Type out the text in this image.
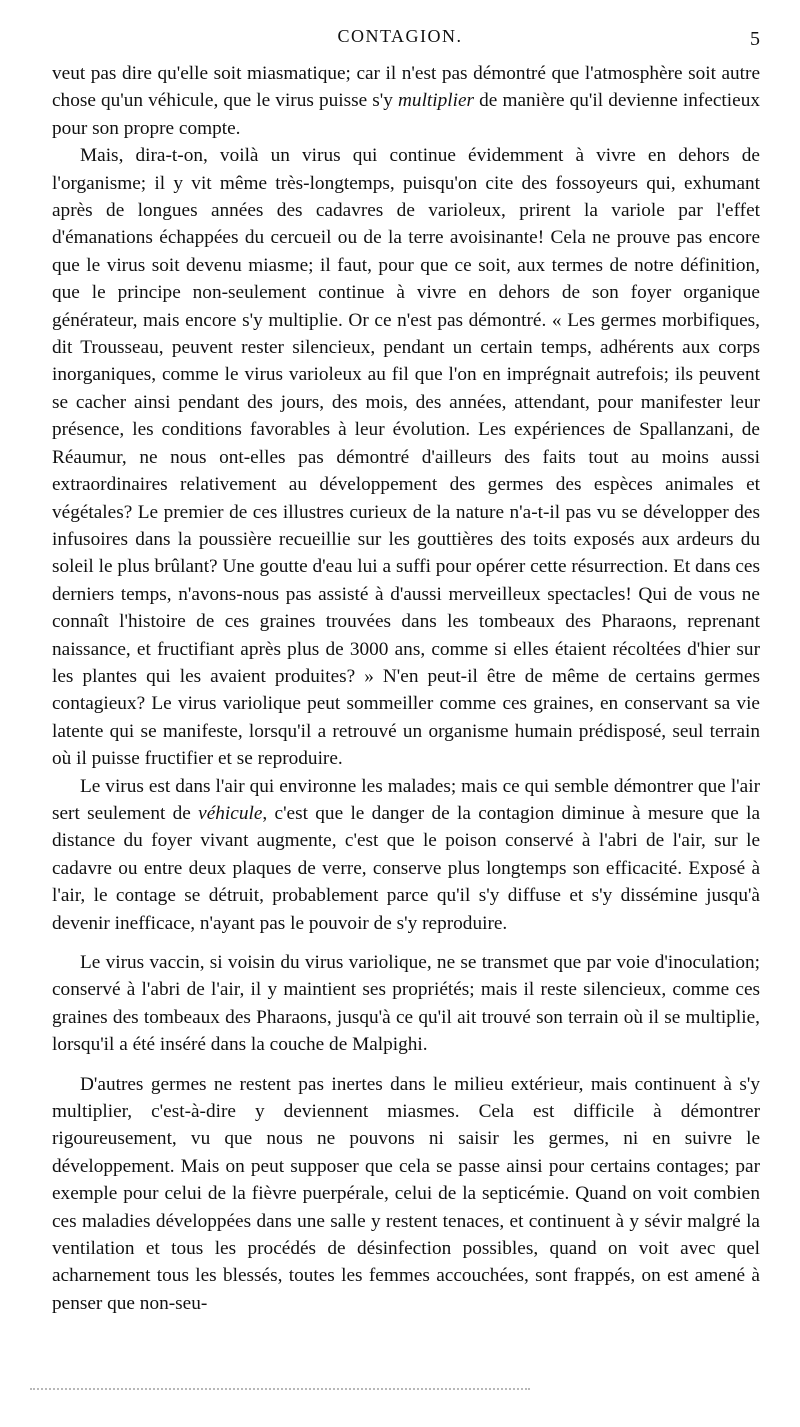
CONTAGION.	5

veut pas dire qu'elle soit miasmatique; car il n'est pas démontré que l'atmosphère soit autre chose qu'un véhicule, que le virus puisse s'y multiplier de manière qu'il devienne infectieux pour son propre compte.

Mais, dira-t-on, voilà un virus qui continue évidemment à vivre en dehors de l'organisme; il y vit même très-longtemps, puisqu'on cite des fossoyeurs qui, exhumant après de longues années des cadavres de varioleux, prirent la variole par l'effet d'émanations échappées du cercueil ou de la terre avoisinante! Cela ne prouve pas encore que le virus soit devenu miasme; il faut, pour que ce soit, aux termes de notre définition, que le principe non-seulement continue à vivre en dehors de son foyer organique générateur, mais encore s'y multiplie. Or ce n'est pas démontré. « Les germes morbifiques, dit Trousseau, peuvent rester silencieux, pendant un certain temps, adhérents aux corps inorganiques, comme le virus varioleux au fil que l'on en imprégnait autrefois; ils peuvent se cacher ainsi pendant des jours, des mois, des années, attendant, pour manifester leur présence, les conditions favorables à leur évolution. Les expériences de Spallanzani, de Réaumur, ne nous ont-elles pas démontré d'ailleurs des faits tout au moins aussi extraordinaires relativement au développement des germes des espèces animales et végétales? Le premier de ces illustres curieux de la nature n'a-t-il pas vu se développer des infusoires dans la poussière recueillie sur les gouttières des toits exposés aux ardeurs du soleil le plus brûlant? Une goutte d'eau lui a suffi pour opérer cette résurrection. Et dans ces derniers temps, n'avons-nous pas assisté à d'aussi merveilleux spectacles! Qui de vous ne connaît l'histoire de ces graines trouvées dans les tombeaux des Pharaons, reprenant naissance, et fructifiant après plus de 3000 ans, comme si elles étaient récoltées d'hier sur les plantes qui les avaient produites? » N'en peut-il être de même de certains germes contagieux? Le virus variolique peut sommeiller comme ces graines, en conservant sa vie latente qui se manifeste, lorsqu'il a retrouvé un organisme humain prédisposé, seul terrain où il puisse fructifier et se reproduire.

Le virus est dans l'air qui environne les malades; mais ce qui semble démontrer que l'air sert seulement de véhicule, c'est que le danger de la contagion diminue à mesure que la distance du foyer vivant augmente, c'est que le poison conservé à l'abri de l'air, sur le cadavre ou entre deux plaques de verre, conserve plus longtemps son efficacité. Exposé à l'air, le contage se détruit, probablement parce qu'il s'y diffuse et s'y dissémine jusqu'à devenir inefficace, n'ayant pas le pouvoir de s'y reproduire.

Le virus vaccin, si voisin du virus variolique, ne se transmet que par voie d'inoculation; conservé à l'abri de l'air, il y maintient ses propriétés; mais il reste silencieux, comme ces graines des tombeaux des Pharaons, jusqu'à ce qu'il ait trouvé son terrain où il se multiplie, lorsqu'il a été inséré dans la couche de Malpighi.

D'autres germes ne restent pas inertes dans le milieu extérieur, mais continuent à s'y multiplier, c'est-à-dire y deviennent miasmes. Cela est difficile à démontrer rigoureusement, vu que nous ne pouvons ni saisir les germes, ni en suivre le développement. Mais on peut supposer que cela se passe ainsi pour certains contages; par exemple pour celui de la fièvre puerpérale, celui de la septicémie. Quand on voit combien ces maladies développées dans une salle y restent tenaces, et continuent à y sévir malgré la ventilation et tous les procédés de désinfection possibles, quand on voit avec quel acharnement tous les blessés, toutes les femmes accouchées, sont frappés, on est amené à penser que non-seu-
